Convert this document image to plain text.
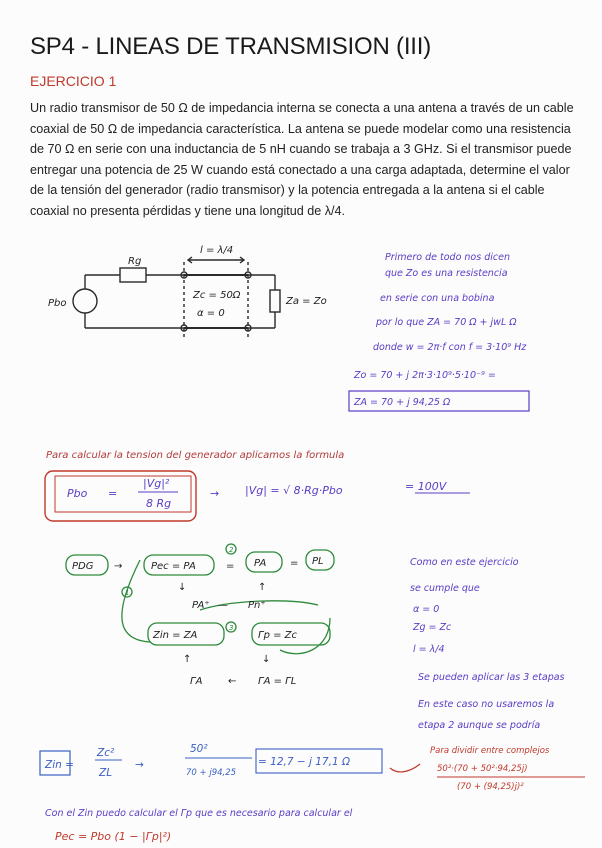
SP4 - LINEAS DE TRANSMISION (III)
EJERCICIO 1
Un radio transmisor de 50 Ω de impedancia interna se conecta a una antena a través de un cable coaxial de 50 Ω de impedancia característica. La antena se puede modelar como una resistencia de 70 Ω en serie con una inductancia de 5 nH cuando se trabaja a 3 GHz. Si el transmisor puede entregar una potencia de 25 W cuando está conectado a una carga adaptada, determine el valor de la tensión del generador (radio transmisor) y la potencia entregada a la antena si el cable coaxial no presenta pérdidas y tiene una longitud de λ/4.
Pbo
Rg
l = λ/4
Zc = 50Ω
α = 0
Za = Zo
Primero de todo nos dicen
que Zo es una resistencia
en serie con una bobina
por lo que ZA = 70 Ω + jwL Ω
donde w = 2π·f con f = 3·10⁹ Hz
Zo = 70 + j 2π·3·10⁹·5·10⁻⁹ =
ZA = 70 + j 94,25 Ω
Para calcular la tension del generador aplicamos la formula
Pbo =
|Vg|²
8 Rg
→ |Vg| = √ 8·Rg·Pbo	= 100V
PDG →	Pec = PA	= PA = PL
↓	↑
PA⁺ — Pn⁺
Zin = ZA	Γp = Zc
↑	↓
ΓA	← ΓA = ΓL
1
2
3
Como en este ejercicio
se cumple que
α = 0
Zg = Zc
l = λ/4
Se pueden aplicar las 3 etapas
En este caso no usaremos la
etapa 2 aunque se podría
Zin =
Zc²
ZL
→
50²
70 + j94,25
= 12,7 − j 17,1 Ω
Para dividir entre complejos
50²·(70 + 50²·94,25j)
(70 + (94,25)j)²
Con el Zin puedo calcular el Γp que es necesario para calcular el
Pec = Pbo (1 − |Γp|²)
